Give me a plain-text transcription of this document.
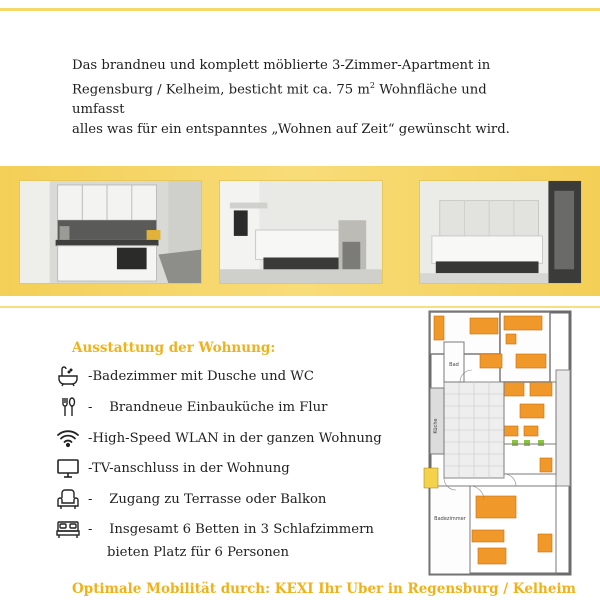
Das brandneu und komplett möblierte 3-Zimmer-Apartment in
Regensburg / Kelheim, besticht mit ca. 75 $m^2$ Wohnfläche und umfasst
alles was für ein entspanntes „Wohnen auf Zeit“ gewünscht wird.
Ausstattung der Wohnung:
-Badezimmer mit Dusche und WC
-    Brandneue Einbauküche im Flur
-High-Speed WLAN in der ganzen Wohnung
-TV-anschluss in der Wohnung
-    Zugang zu Terrasse oder Balkon
-    Insgesamt 6 Betten in 3 Schlafzimmern
bieten Platz für 6 Personen
Küche
Bad
Badezimmer
Optimale Mobilität durch: KEXI Ihr Uber in Regensburg / Kelheim
